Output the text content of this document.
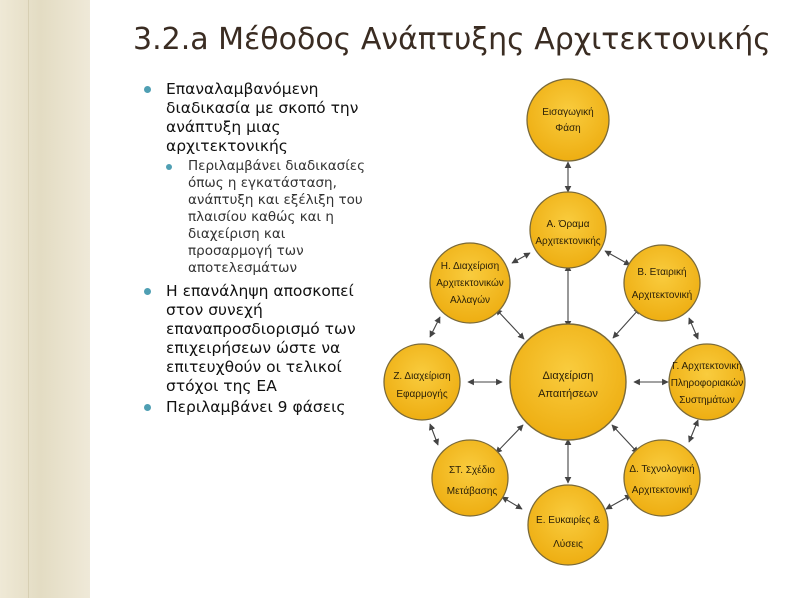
3.2.a Μέθοδος Ανάπτυξης Αρχιτεκτονικής

Επαναλαμβανόμενη διαδικασία με σκοπό την ανάπτυξη μιας αρχιτεκτονικής
Περιλαμβάνει διαδικασίες όπως η εγκατάσταση, ανάπτυξη και εξέλιξη του πλαισίου καθώς και η διαχείριση και προσαρμογή των αποτελεσμάτων
Η επανάληψη αποσκοπεί στον συνεχή επαναπροσδιορισμό των επιχειρήσεων ώστε να επιτευχθούν οι τελικοί στόχοι της ΕΑ
Περιλαμβάνει 9 φάσεις
Εισαγωγική
Φάση
Α. Όραμα
Αρχιτεκτονικής
Β. Εταιρική
Αρχιτεκτονική
Γ. Αρχιτεκτονική
Πληροφοριακών
Συστημάτων
Δ. Τεχνολογική
Αρχιτεκτονική
Ε. Ευκαιρίες &
Λύσεις
ΣΤ. Σχέδιο
Μετάβασης
Ζ. Διαχείριση
Εφαρμογής
Η. Διαχείριση
Αρχιτεκτονικών
Αλλαγών
Διαχείριση
Απαιτήσεων
